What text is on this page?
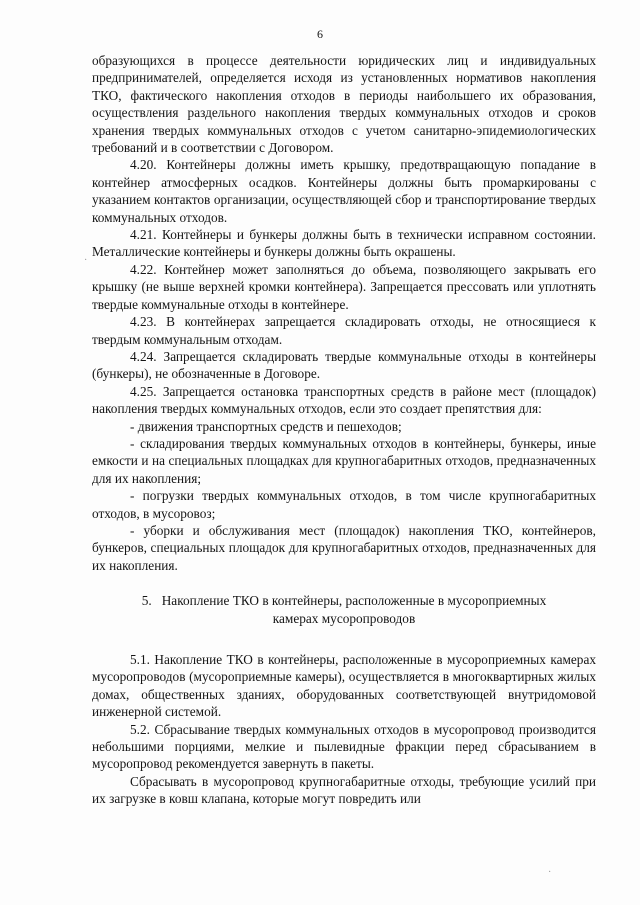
6

образующихся в процессе деятельности юридических лиц и индивидуальных предпринимателей, определяется исходя из установленных нормативов накопления ТКО, фактического накопления отходов в периоды наибольшего их образования, осуществления раздельного накопления твердых коммунальных отходов и сроков хранения твердых коммунальных отходов с учетом санитарно-эпидемиологических требований и в соответствии с Договором.

4.20. Контейнеры должны иметь крышку, предотвращающую попадание в контейнер атмосферных осадков. Контейнеры должны быть промаркированы с указанием контактов организации, осуществляющей сбор и транспортирование твердых коммунальных отходов.

4.21. Контейнеры и бункеры должны быть в технически исправном состоянии. Металлические контейнеры и бункеры должны быть окрашены.

4.22. Контейнер может заполняться до объема, позволяющего закрывать его крышку (не выше верхней кромки контейнера). Запрещается прессовать или уплотнять твердые коммунальные отходы в контейнере.

4.23. В контейнерах запрещается складировать отходы, не относящиеся к твердым коммунальным отходам.

4.24. Запрещается складировать твердые коммунальные отходы в контейнеры (бункеры), не обозначенные в Договоре.

4.25. Запрещается остановка транспортных средств в районе мест (площадок) накопления твердых коммунальных отходов, если это создает препятствия для:

- движения транспортных средств и пешеходов;

- складирования твердых коммунальных отходов в контейнеры, бункеры, иные емкости и на специальных площадках для крупногабаритных отходов, предназначенных для их накопления;

- погрузки твердых коммунальных отходов, в том числе крупногабаритных отходов, в мусоровоз;

- уборки и обслуживания мест (площадок) накопления ТКО, контейнеров, бункеров, специальных площадок для крупногабаритных отходов, предназначенных для их накопления.

5. Накопление ТКО в контейнеры, расположенные в мусороприемных
камерах мусоропроводов

5.1. Накопление ТКО в контейнеры, расположенные в мусороприемных камерах мусоропроводов (мусороприемные камеры), осуществляется в многоквартирных жилых домах, общественных зданиях, оборудованных соответствующей внутридомовой инженерной системой.

5.2. Сбрасывание твердых коммунальных отходов в мусоропровод производится небольшими порциями, мелкие и пылевидные фракции перед сбрасыванием в мусоропровод рекомендуется завернуть в пакеты.

Сбрасывать в мусоропровод крупногабаритные отходы, требующие усилий при их загрузке в ковш клапана, которые могут повредить или

·
·
